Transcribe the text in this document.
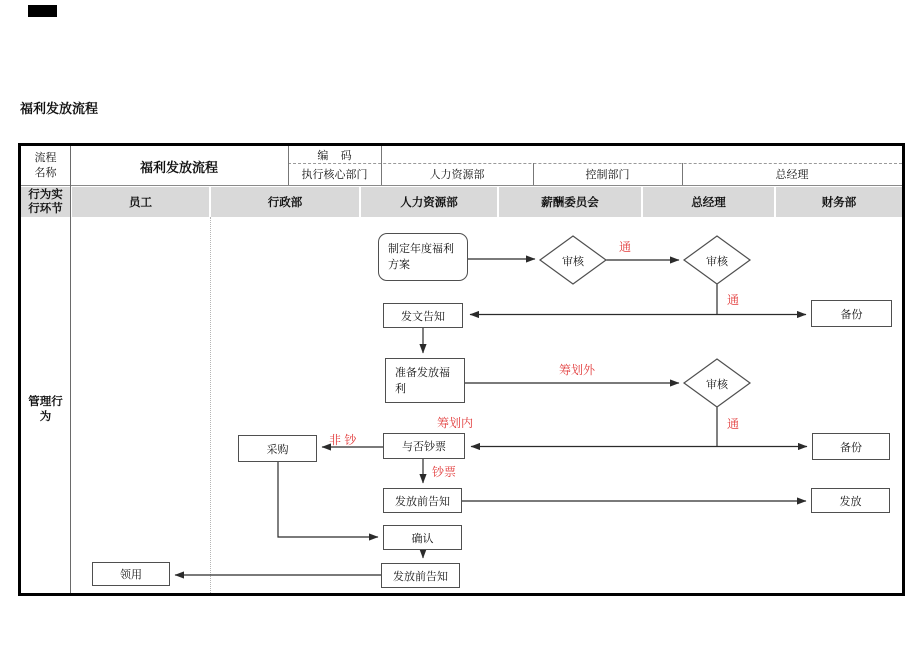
福利发放流程
流程
名称	福利发放流程
编    码
执行核心部门	人力资源部	控制部门	总经理
行为实
行环节	员工	行政部	人力资源部	薪酬委员会	总经理	财务部
管理行
为
审核	审核
审核
制定年度福利
方案
发文告知	备份
准备发放福
利
与否钞票
采购	备份
发放前告知	发放
确认
发放前告知
领用
通
通
筹划外
通
筹划内
非 钞
钞票
